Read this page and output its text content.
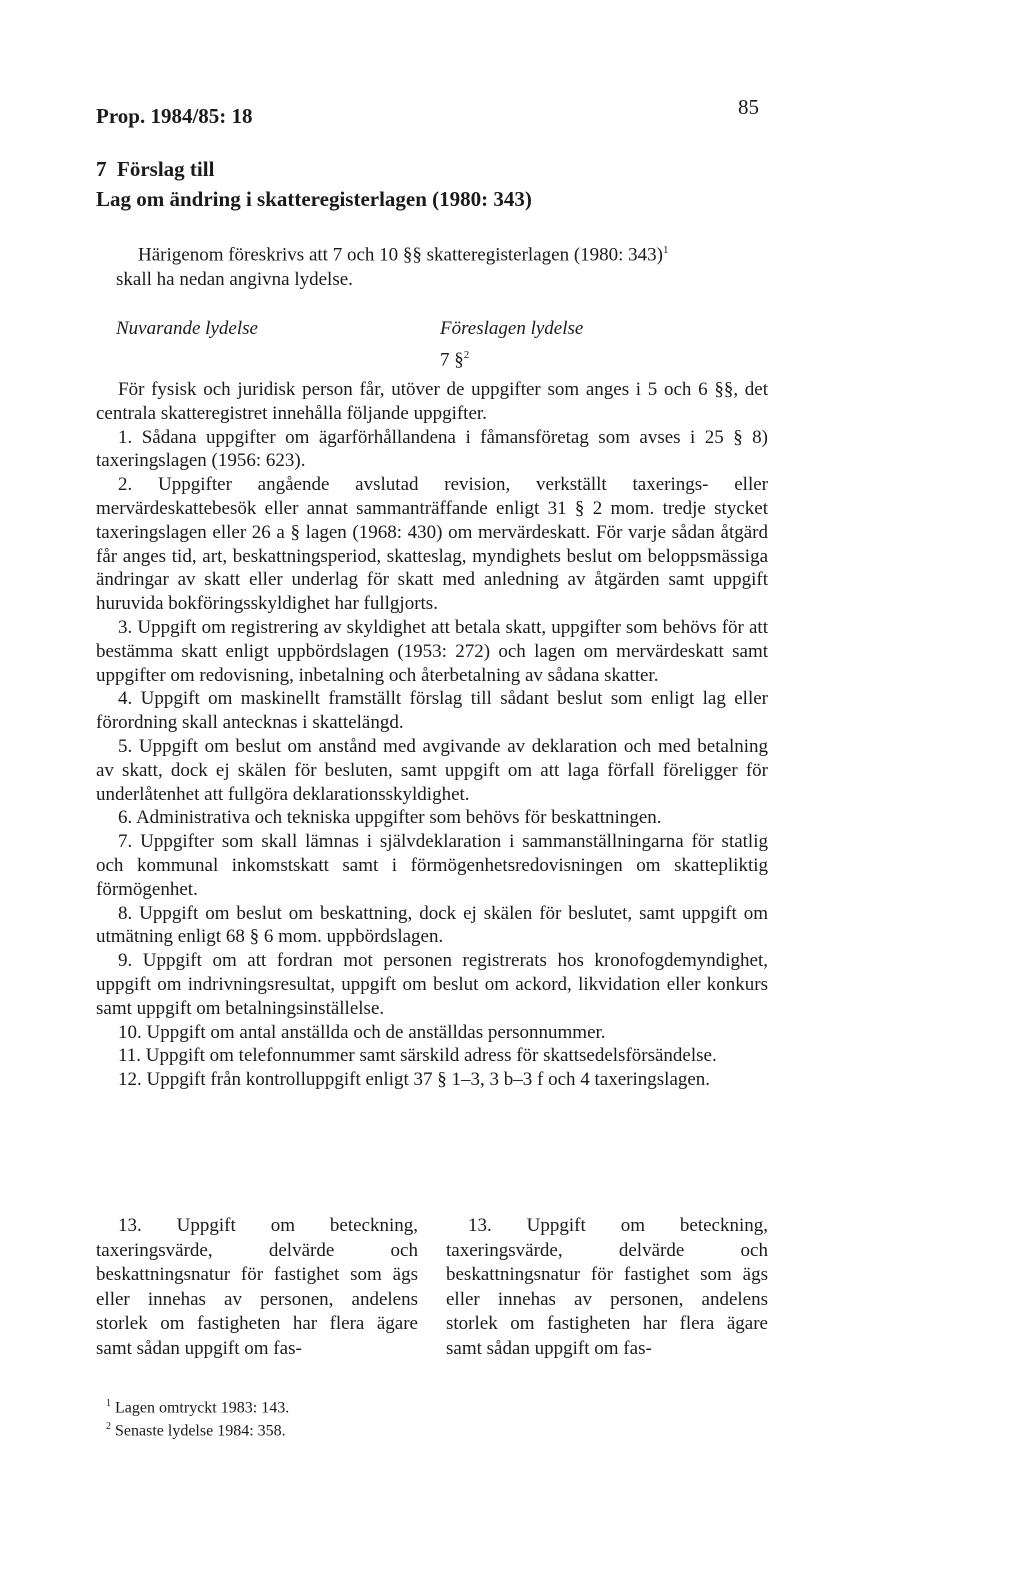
Prop. 1984/85: 18	85
7  Förslag till
Lag om ändring i skatteregisterlagen (1980: 343)
Härigenom föreskrivs att 7 och 10 §§ skatteregisterlagen (1980: 343)$^1$
skall ha nedan angivna lydelse.
Nuvarande lydelse	Föreslagen lydelse
7 §$^2$

För fysisk och juridisk person får, utöver de uppgifter som anges i 5 och 6 §§, det centrala skatteregistret innehålla följande uppgifter.

1. Sådana uppgifter om ägarförhållandena i fåmansföretag som avses i 25 § 8) taxeringslagen (1956: 623).

2. Uppgifter angående avslutad revision, verkställt taxerings- eller mervärdeskattebesök eller annat sammanträffande enligt 31 § 2 mom. tredje stycket taxeringslagen eller 26 a § lagen (1968: 430) om mervärdeskatt. För varje sådan åtgärd får anges tid, art, beskattningsperiod, skatteslag, myndighets beslut om beloppsmässiga ändringar av skatt eller underlag för skatt med anledning av åtgärden samt uppgift huruvida bokföringsskyldighet har fullgjorts.

3. Uppgift om registrering av skyldighet att betala skatt, uppgifter som behövs för att bestämma skatt enligt uppbördslagen (1953: 272) och lagen om mervärdeskatt samt uppgifter om redovisning, inbetalning och återbetalning av sådana skatter.

4. Uppgift om maskinellt framställt förslag till sådant beslut som enligt lag eller förordning skall antecknas i skattelängd.

5. Uppgift om beslut om anstånd med avgivande av deklaration och med betalning av skatt, dock ej skälen för besluten, samt uppgift om att laga förfall föreligger för underlåtenhet att fullgöra deklarationsskyldighet.

6. Administrativa och tekniska uppgifter som behövs för beskattningen.

7. Uppgifter som skall lämnas i självdeklaration i sammanställningarna för statlig och kommunal inkomstskatt samt i förmögenhetsredovisningen om skattepliktig förmögenhet.

8. Uppgift om beslut om beskattning, dock ej skälen för beslutet, samt uppgift om utmätning enligt 68 § 6 mom. uppbördslagen.

9. Uppgift om att fordran mot personen registrerats hos kronofogdemyndighet, uppgift om indrivningsresultat, uppgift om beslut om ackord, likvidation eller konkurs samt uppgift om betalningsinställelse.

10. Uppgift om antal anställda och de anställdas personnummer.

11. Uppgift om telefonnummer samt särskild adress för skattsedelsförsändelse.

12. Uppgift från kontrolluppgift enligt 37 § 1–3, 3 b–3 f och 4 taxeringslagen.

13. Uppgift om beteckning, taxeringsvärde, delvärde och beskattningsnatur för fastighet som ägs eller innehas av personen, andelens storlek om fastigheten har flera ägare samt sådan uppgift om fas-
13. Uppgift om beteckning, taxeringsvärde, delvärde och beskattningsnatur för fastighet som ägs eller innehas av personen, andelens storlek om fastigheten har flera ägare samt sådan uppgift om fas-
$^1$ Lagen omtryckt 1983: 143.
$^2$ Senaste lydelse 1984: 358.
